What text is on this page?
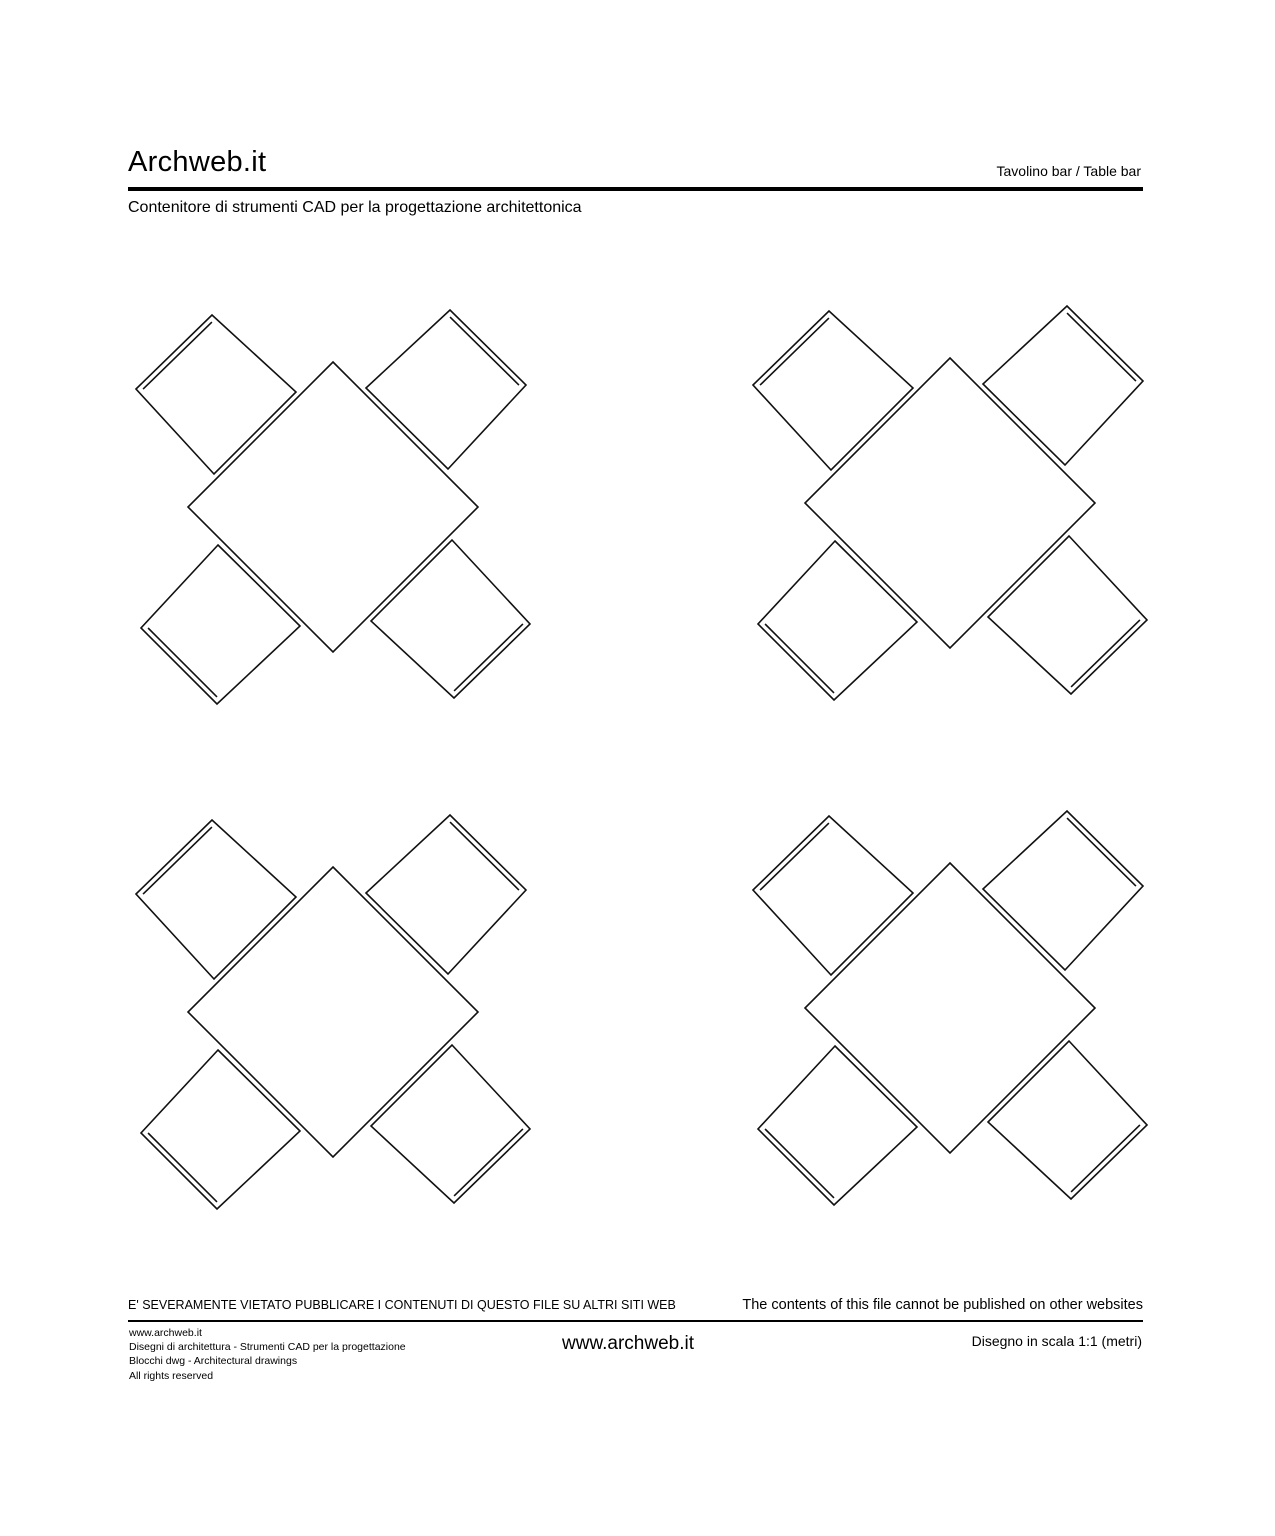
Archweb.it	Tavolino bar / Table bar
Contenitore di strumenti CAD per la progettazione architettonica
E' SEVERAMENTE VIETATO PUBBLICARE I CONTENUTI DI QUESTO FILE SU ALTRI SITI WEB	The contents of this file cannot be published on other websites
www.archweb.it
Disegni di architettura - Strumenti CAD per la progettazione
Blocchi dwg - Architectural drawings
All rights reserved
www.archweb.it	Disegno in scala 1:1 (metri)
